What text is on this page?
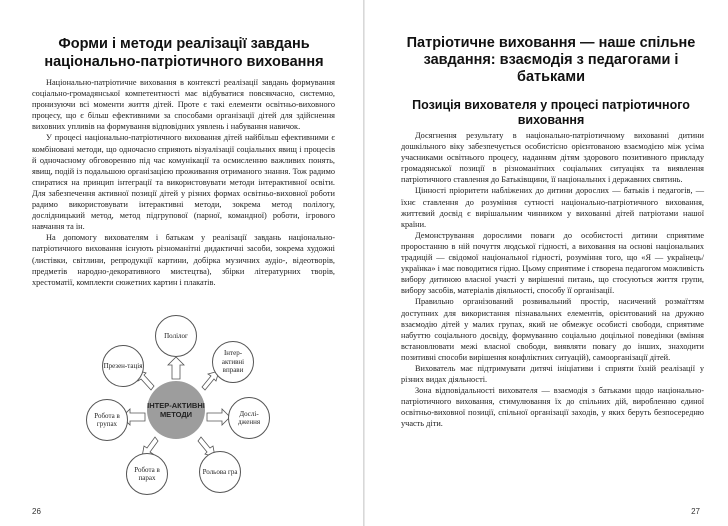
Форми і методи реалізації завдань національно-патріотичного виховання

Національно-патріотичне виховання в контексті реалізації завдань формування соціально-громадянської компетентності має відбуватися повсякчасно, системно, пронизуючи всі моменти життя дітей. Проте є такі елементи освітньо-виховного процесу, що є більш ефективними за способами організації дітей для здійснення виховних упливів на формування відповідних уявлень і набування навичок.

У процесі національно-патріотичного виховання дітей найбільш ефективними є комбіновані методи, що одночасно сприяють візуалізації соціальних явищ і процесів й одночасному обговоренню під час комунікації та осмисленню важливих понять, явищ, подій із подальшою організацією проживання отриманого знання. Тож радимо спиратися на принцип інтеграції та використовувати методи інтерактивної освіти. Для забезпечення активної позиції дітей у різних формах освітньо-виховної роботи радимо використовувати інтерактивні методи, зокрема метод полілогу, дослідницький метод, метод підгрупової (парної, командної) роботи, ігрового навчання та ін.

На допомогу вихователям і батькам у реалізації завдань національно-патріотичного виховання існують різноманітні дидактичні засоби, зокрема художні (листівки, світлини, репродукції картини, добірка музичних аудіо-, відеотворів, предметів народно-декоративного мистецтва), збірки літературних творів, хрестоматії, комплекти сюжетних картин і плакатів.

ІНТЕР-АКТИВНІ МЕТОДИ
Полілог
Інтер-активні вправи
Дослі-дження
Рольова гра
Робота в парах
Робота в групах
Презен-тація
26
Патріотичне виховання — наше спільне завдання: взаємодія з педагогами і батьками
Позиція вихователя у процесі патріотичного виховання

Досягнення результату в національно-патріотичному вихованні дитини дошкільного віку забезпечується особистісно орієнтованою взаємодією між усіма учасниками освітнього процесу, наданням дітям здорового позитивного прикладу громадянської позиції в різноманітних соціальних ситуаціях та виявлення патріотичного ставлення до Батьківщини, її національних і державних святинь.

Цінності пріоритети набліжених до дитини дорослих — батьків і педагогів, — їхнє ставлення до розуміння сутності національно-патріотичного виховання, життєвий досвід є вирішальним чинником у вихованні дітей патріотами нашої країни.

Демонстрування дорослими поваги до особистості дитини сприятиме проростанню в ній почуття людської гідності, а виховання на основі національних традицій — свідомої національної гідності, розуміння того, що «Я — українець/українка» і має поводитися гідно. Цьому сприятиме і створена педагогом можливість вибору дитиною власної участі у вирішенні питань, що стосуються життя групи, вибору засобів, матеріалів діяльності, способу її організації.

Правильно організований розвивальний простір, насичений розмаїттям доступних для використання пізнавальних елементів, орієнтований на дружню взаємодію дітей у малих групах, який не обмежує особисті свободи, сприятиме набуттю соціального досвіду, формуванню соціально доцільної поведінки (вміння встановлювати межі власної свободи, виявляти повагу до інших, знаходити позитивні способи вирішення конфліктних ситуацій), самоорганізації дітей.

Вихователь має підтримувати дитячі ініціативи і сприяти їхній реалізації у різних видах діяльності.

Зона відповідальності вихователя — взаємодія з батьками щодо національно-патріотичного виховання, стимулювання їх до спільних дій, виробленню єдиної освітньо-виховної позиції, спільної організації заходів, у яких беруть безпосередню участь діти.

27
